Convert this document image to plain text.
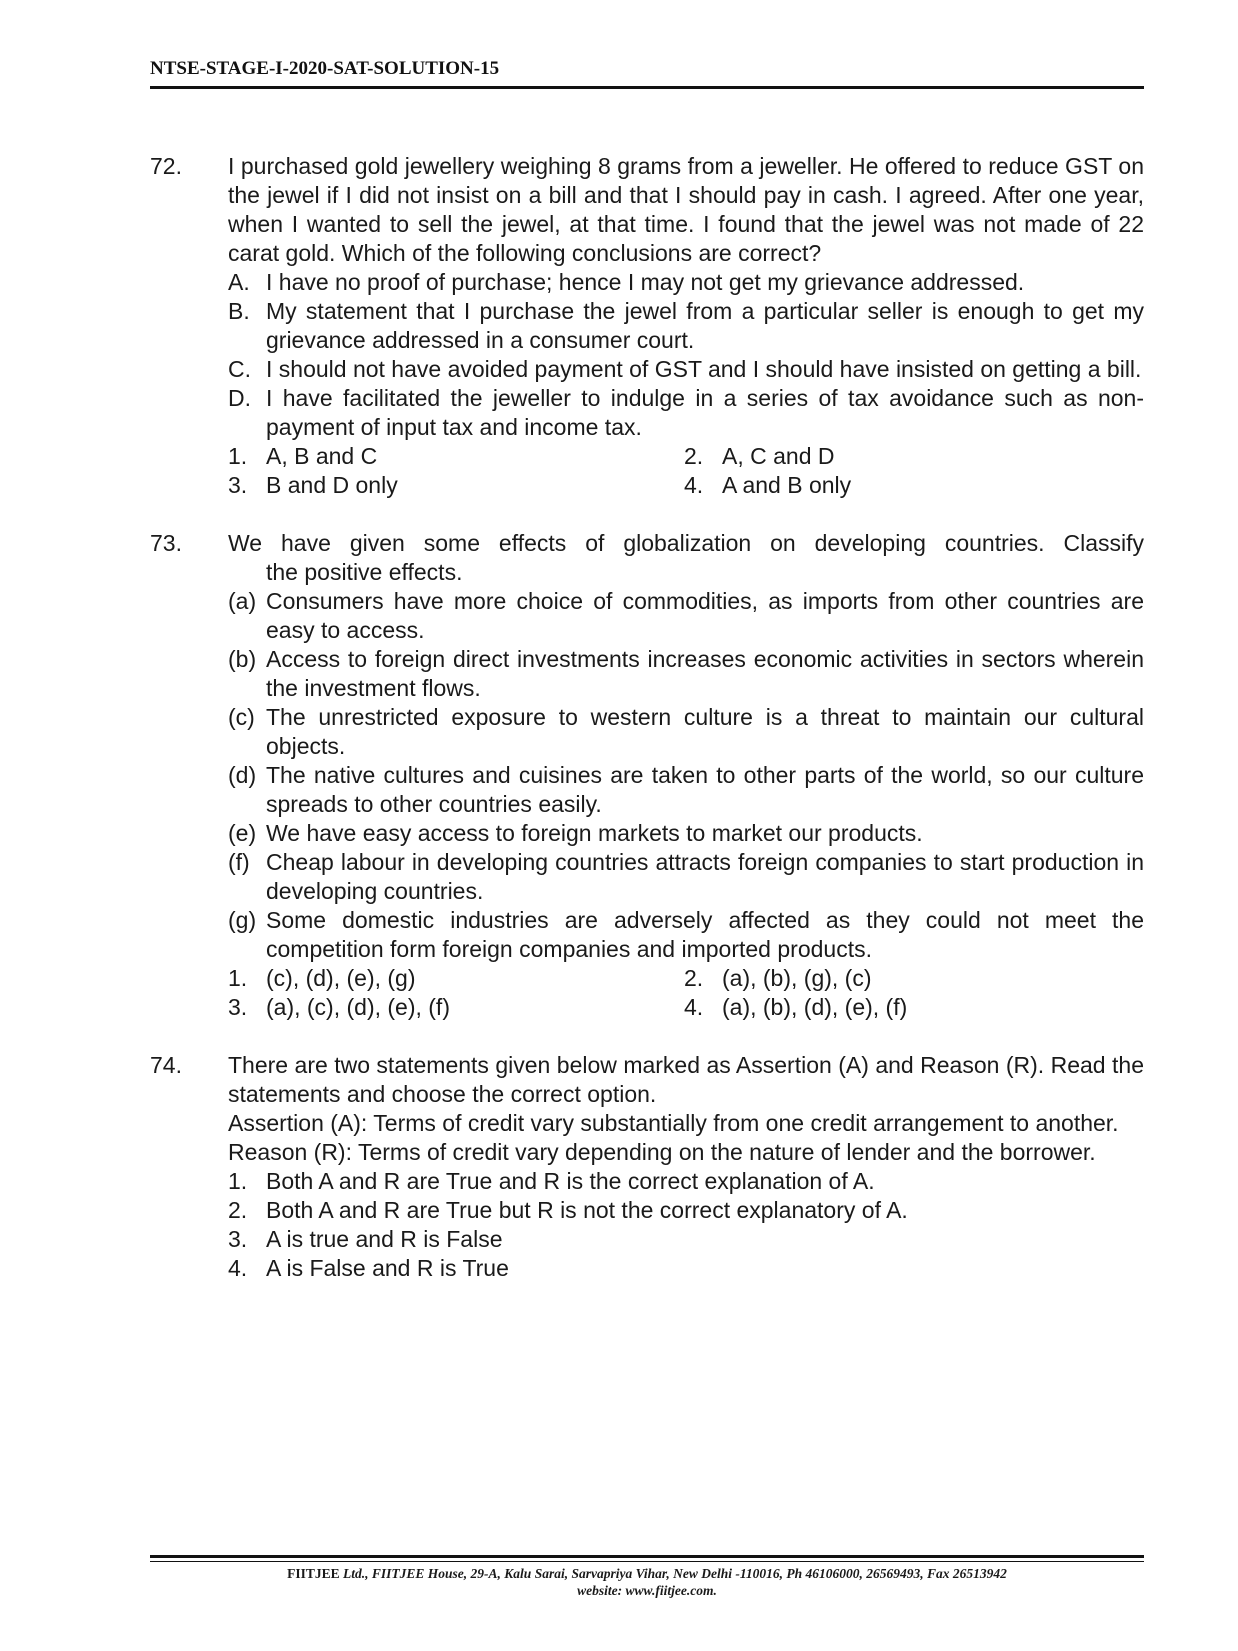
NTSE-STAGE-I-2020-SAT-SOLUTION-15
72. I purchased gold jewellery weighing 8 grams from a jeweller. He offered to reduce GST on the jewel if I did not insist on a bill and that I should pay in cash. I agreed. After one year, when I wanted to sell the jewel, at that time. I found that the jewel was not made of 22 carat gold. Which of the following conclusions are correct?
A. I have no proof of purchase; hence I may not get my grievance addressed.
B. My statement that I purchase the jewel from a particular seller is enough to get my grievance addressed in a consumer court.
C. I should not have avoided payment of GST and I should have insisted on getting a bill.
D. I have facilitated the jeweller to indulge in a series of tax avoidance such as non-payment of input tax and income tax.
1. A, B and C	2. A, C and D
3. B and D only	4. A and B only
73. We have given some effects of globalization on developing countries. Classify
the positive effects.
(a) Consumers have more choice of commodities, as imports from other countries are easy to access.
(b) Access to foreign direct investments increases economic activities in sectors wherein the investment flows.
(c) The unrestricted exposure to western culture is a threat to maintain our cultural objects.
(d) The native cultures and cuisines are taken to other parts of the world, so our culture spreads to other countries easily.
(e) We have easy access to foreign markets to market our products.
(f) Cheap labour in developing countries attracts foreign companies to start production in developing countries.
(g) Some domestic industries are adversely affected as they could not meet the competition form foreign companies and imported products.
1. (c), (d), (e), (g)	2. (a), (b), (g), (c)
3. (a), (c), (d), (e), (f)	4. (a), (b), (d), (e), (f)
74. There are two statements given below marked as Assertion (A) and Reason (R). Read the statements and choose the correct option.
Assertion (A): Terms of credit vary substantially from one credit arrangement to another.
Reason (R): Terms of credit vary depending on the nature of lender and the borrower.
1. Both A and R are True and R is the correct explanation of A.
2. Both A and R are True but R is not the correct explanatory of A.
3. A is true and R is False
4. A is False and R is True
FIITJEE Ltd., FIITJEE House, 29-A, Kalu Sarai, Sarvapriya Vihar, New Delhi -110016, Ph 46106000, 26569493, Fax 26513942
website: www.fiitjee.com.
